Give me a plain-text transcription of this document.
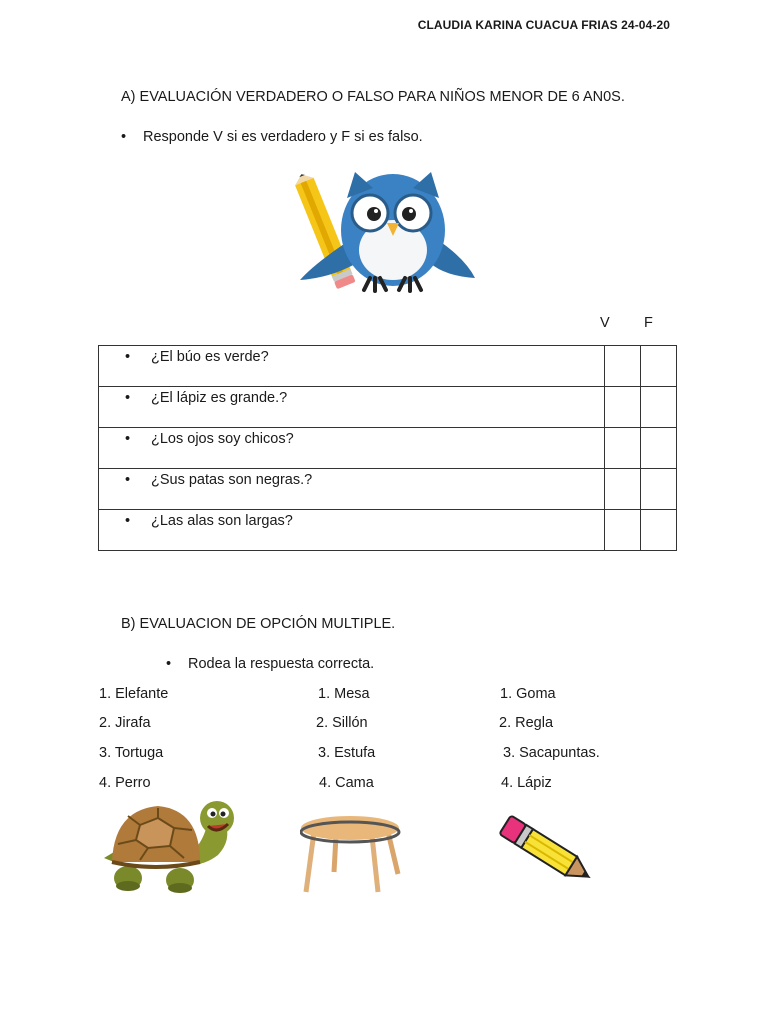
CLAUDIA KARINA CUACUA FRIAS 24-04-20
A) EVALUACIÓN VERDADERO O FALSO PARA NIÑOS MENOR DE 6 AN0S.
• Responde V si es verdadero y F si es falso.
V F
• ¿El búo es verde?		
• ¿El lápiz es grande.?		
• ¿Los ojos soy chicos?		
• ¿Sus patas son negras.?		
• ¿Las alas son largas?		
B) EVALUACION DE OPCIÓN MULTIPLE.
• Rodea la respuesta correcta.
1. Elefante
2. Jirafa
3. Tortuga
4. Perro
1. Mesa
2. Sillón
3. Estufa
4. Cama
1. Goma
2. Regla
3. Sacapuntas.
4. Lápiz
